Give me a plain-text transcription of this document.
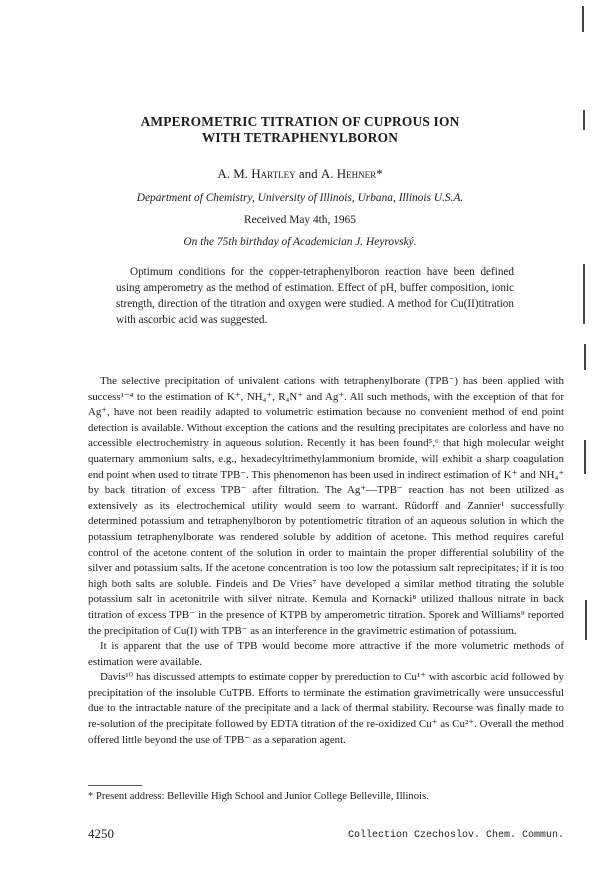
AMPEROMETRIC TITRATION OF CUPROUS ION
WITH TETRAPHENYLBORON
A. M. Hartley and A. Hehner*
Department of Chemistry, University of Illinois, Urbana, Illinois U.S.A.
Received May 4th, 1965
On the 75th birthday of Academician J. Heyrovský.

Optimum conditions for the copper-tetraphenylboron reaction have been defined using amperometry as the method of estimation. Effect of pH, buffer composition, ionic strength, direction of the titration and oxygen were studied. A method for Cu(II)titration with ascorbic acid was suggested.

The selective precipitation of univalent cations with tetraphenylborate (TPB⁻) has been applied with success¹⁻⁴ to the estimation of K⁺, NH₄⁺, R₄N⁺ and Ag⁺. All such methods, with the exception of that for Ag⁺, have not been readily adapted to volumetric estimation because no convenient method of end point detection is available. Without exception the cations and the resulting precipitates are colorless and have no accessible electrochemistry in aqueous solution. Recently it has been found⁵,⁶ that high molecular weight quaternary ammonium salts, e.g., hexadecyltrimethylammonium bromide, will exhibit a sharp coagulation end point when used to titrate TPB⁻. This phenomenon has been used in indirect estimation of K⁺ and NH₄⁺ by back titration of excess TPB⁻ after filtration. The Ag⁺—TPB⁻ reaction has not been utilized as extensively as its electrochemical utility would seem to warrant. Rüdorff and Zannier¹ successfully determined potassium and tetraphenylboron by potentiometric titration of an aqueous solution in which the potassium tetraphenylborate was rendered soluble by addition of acetone. This method requires careful control of the acetone content of the solution in order to maintain the proper differential solubility of the silver and potassium salts. If the acetone concentration is too low the potassium salt reprecipitates; if it is too high both salts are soluble. Findeis and De Vries⁷ have developed a similar method titrating the soluble potassium salt in acetonitrile with silver nitrate. Kemula and Kornacki⁸ utilized thallous nitrate in back titration of excess TPB⁻ in the presence of KTPB by amperometric titration. Sporek and Williams⁹ reported the precipitation of Cu(I) with TPB⁻ as an interference in the gravimetric estimation of potassium.

It is apparent that the use of TPB would become more attractive if the more volumetric methods of estimation were available.

Davis¹⁰ has discussed attempts to estimate copper by prereduction to Cu¹⁺ with ascorbic acid followed by precipitation of the insoluble CuTPB. Efforts to terminate the estimation gravimetrically were unsuccessful due to the intractable nature of the precipitate and a lack of thermal stability. Recourse was finally made to re-solution of the precipitate followed by EDTA titration of the re-oxidized Cu⁺ as Cu²⁺. Overall the method offered little beyond the use of TPB⁻ as a separation agent.

* Present address: Belleville High School and Junior College Belleville, Illinois.
4250	Collection Czechoslov. Chem. Commun.
